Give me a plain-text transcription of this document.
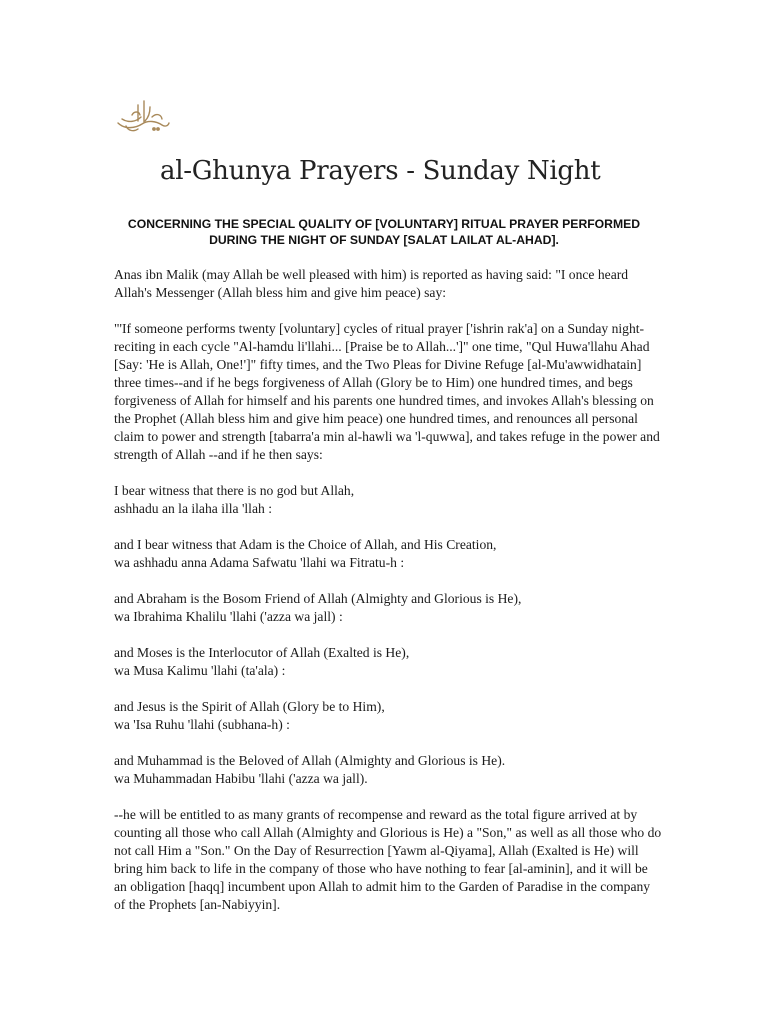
al-Ghunya Prayers - Sunday Night
CONCERNING THE SPECIAL QUALITY OF [VOLUNTARY] RITUAL PRAYER PERFORMED DURING THE NIGHT OF SUNDAY [SALAT LAILAT AL-AHAD].

Anas ibn Malik (may Allah be well pleased with him) is reported as having said: "I once heard
Allah's Messenger (Allah bless him and give him peace) say:

"'If someone performs twenty [voluntary] cycles of ritual prayer ['ishrin rak'a] on a Sunday night-
reciting in each cycle "Al-hamdu li'llahi... [Praise be to Allah...']" one time, "Qul Huwa'llahu Ahad
[Say: 'He is Allah, One!']" fifty times, and the Two Pleas for Divine Refuge [al-Mu'awwidhatain]
three times--and if he begs forgiveness of Allah (Glory be to Him) one hundred times, and begs
forgiveness of Allah for himself and his parents one hundred times, and invokes Allah's blessing on
the Prophet (Allah bless him and give him peace) one hundred times, and renounces all personal
claim to power and strength [tabarra'a min al-hawli wa 'l-quwwa], and takes refuge in the power and
strength of Allah --and if he then says:

I bear witness that there is no god but Allah,
ashhadu an la ilaha illa 'llah :

and I bear witness that Adam is the Choice of Allah, and His Creation,
wa ashhadu anna Adama Safwatu 'llahi wa Fitratu-h :

and Abraham is the Bosom Friend of Allah (Almighty and Glorious is He),
wa Ibrahima Khalilu 'llahi ('azza wa jall) :

and Moses is the Interlocutor of Allah (Exalted is He),
wa Musa Kalimu 'llahi (ta'ala) :

and Jesus is the Spirit of Allah (Glory be to Him),
wa 'Isa Ruhu 'llahi (subhana-h) :

and Muhammad is the Beloved of Allah (Almighty and Glorious is He).
wa Muhammadan Habibu 'llahi ('azza wa jall).

--he will be entitled to as many grants of recompense and reward as the total figure arrived at by
counting all those who call Allah (Almighty and Glorious is He) a "Son," as well as all those who do
not call Him a "Son." On the Day of Resurrection [Yawm al-Qiyama], Allah (Exalted is He) will
bring him back to life in the company of those who have nothing to fear [al-aminin], and it will be
an obligation [haqq] incumbent upon Allah to admit him to the Garden of Paradise in the company
of the Prophets [an-Nabiyyin].
